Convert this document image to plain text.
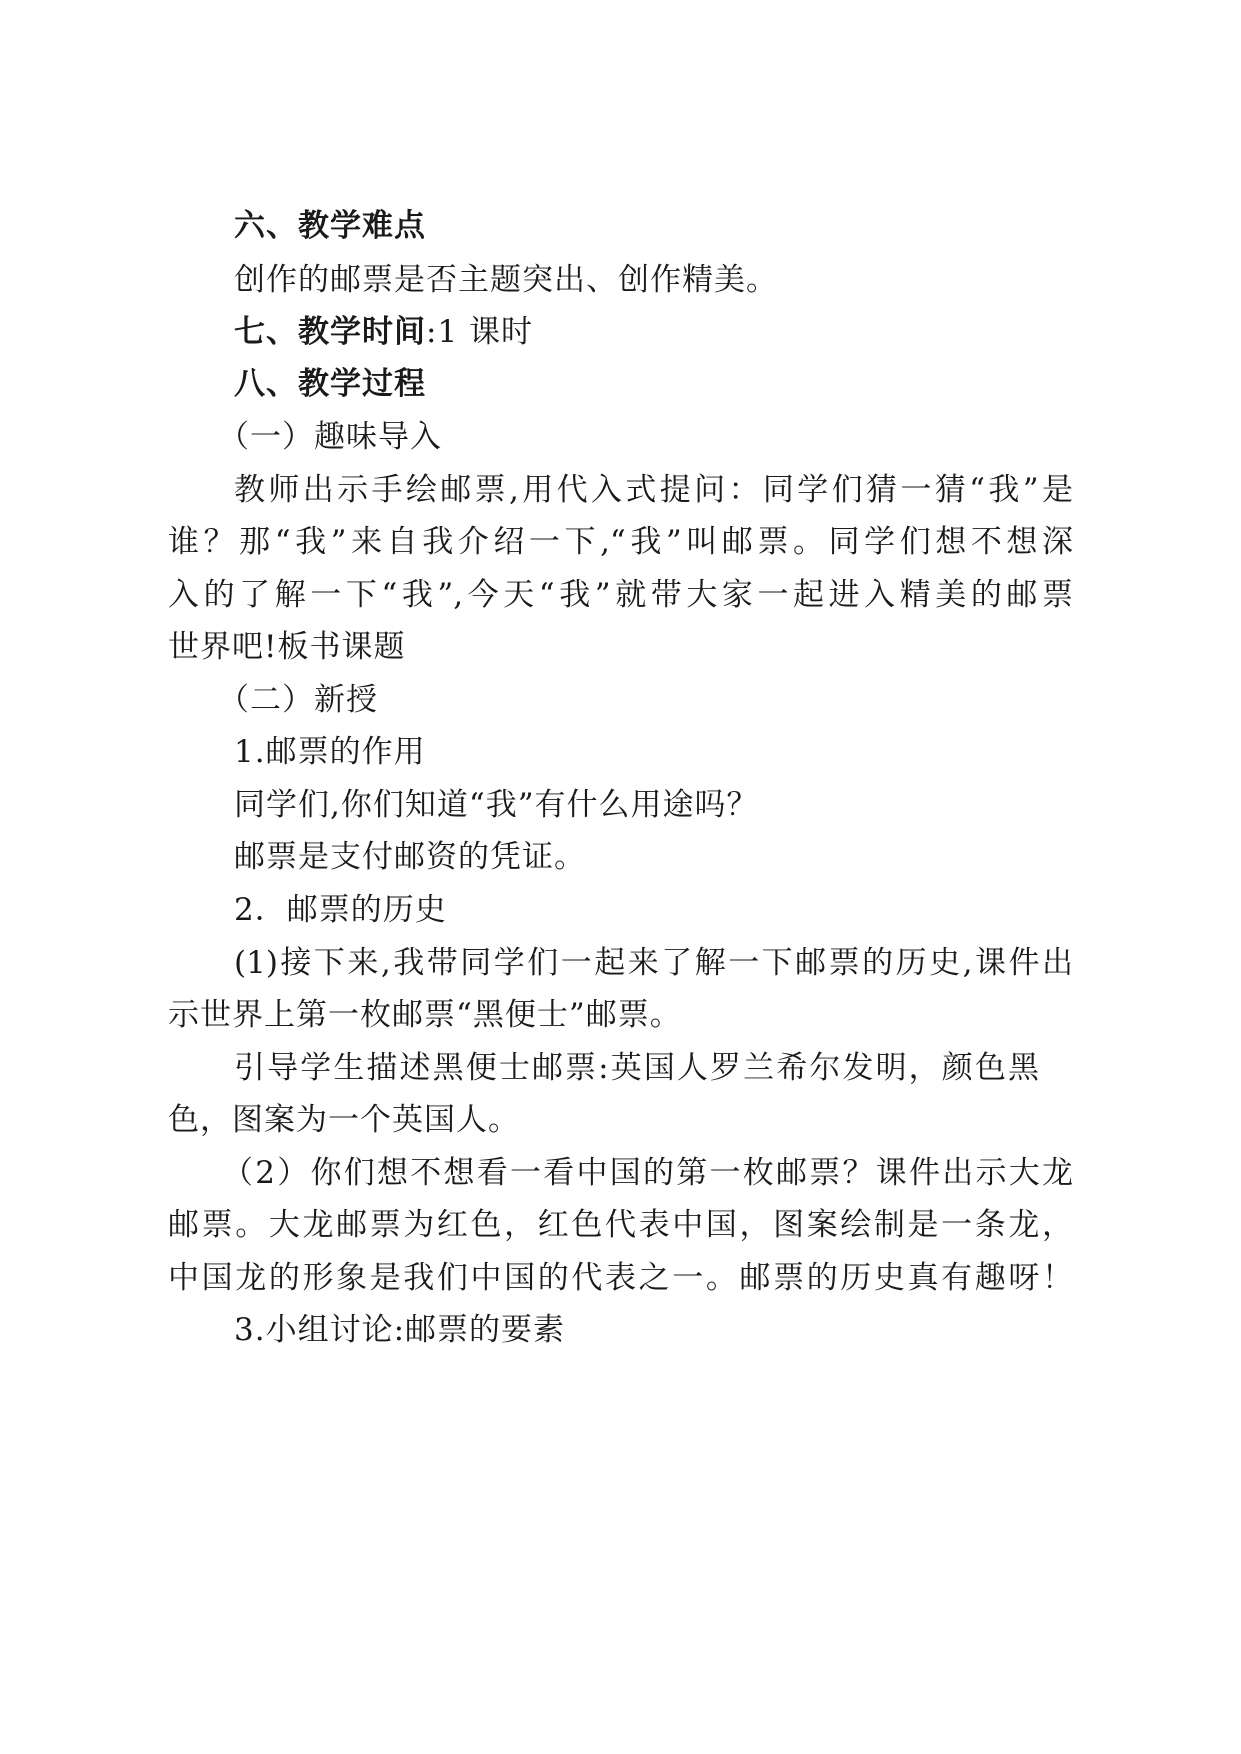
六、教学难点
创作的邮票是否主题突出、创作精美。
七、教学时间:1 课时
八、教学过程
（一）趣味导入
教师出示手绘邮票,用代入式提问：同学们猜一猜“我”是
谁？那“我”来自我介绍一下,“我”叫邮票。同学们想不想深
入的了解一下“我”,今天“我”就带大家一起进入精美的邮票
世界吧!板书课题
（二）新授
1.邮票的作用
同学们,你们知道“我”有什么用途吗？
邮票是支付邮资的凭证。
2．邮票的历史
(1)接下来,我带同学们一起来了解一下邮票的历史,课件出
示世界上第一枚邮票“黑便士”邮票。
引导学生描述黑便士邮票:英国人罗兰希尔发明，颜色黑
色，图案为一个英国人。
（2）你们想不想看一看中国的第一枚邮票？课件出示大龙
邮票。大龙邮票为红色，红色代表中国，图案绘制是一条龙，
中国龙的形象是我们中国的代表之一。邮票的历史真有趣呀！
3.小组讨论:邮票的要素
